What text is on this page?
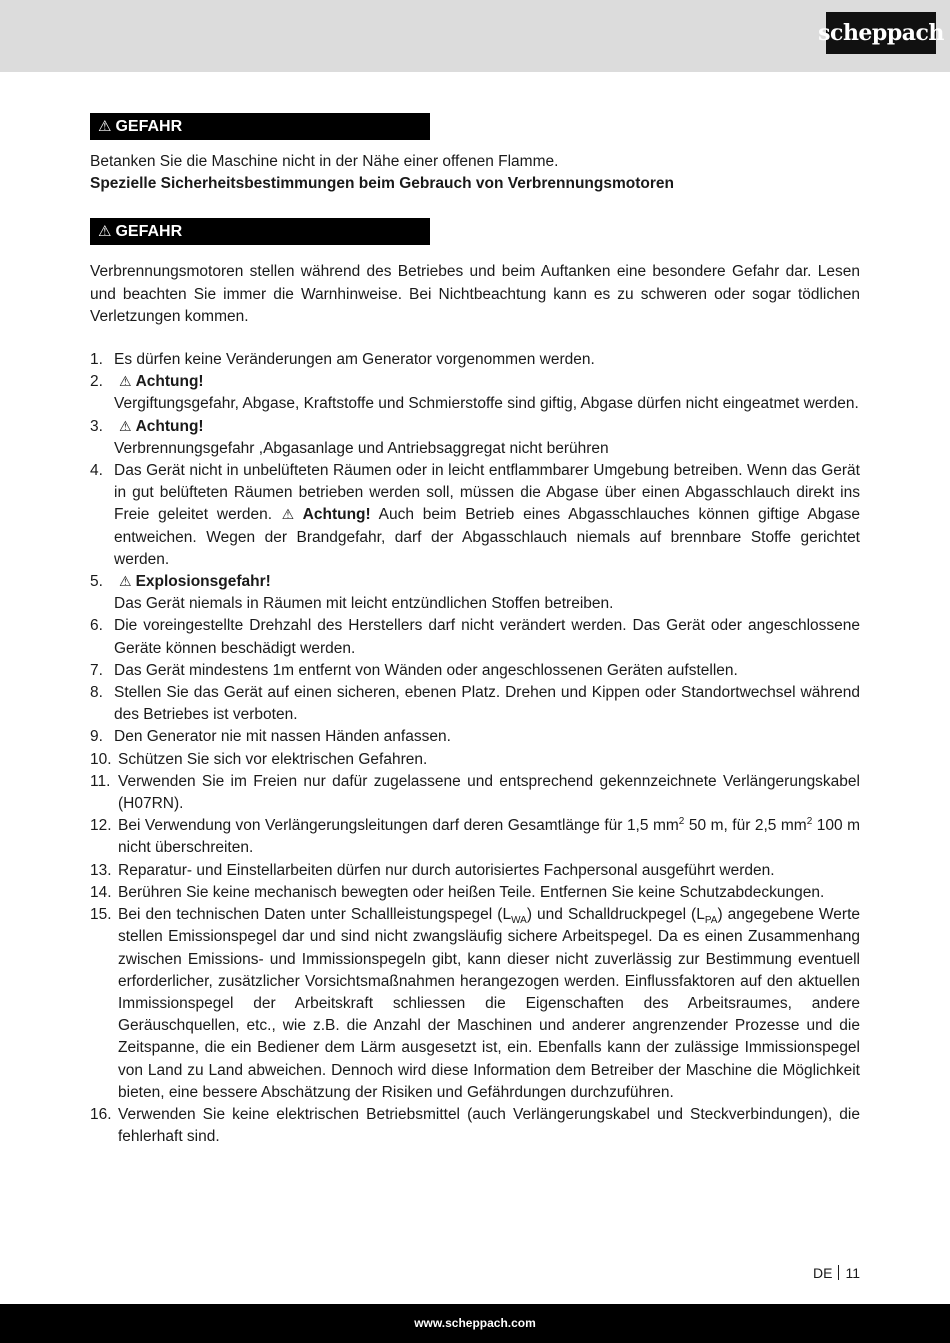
scheppach
⚠ GEFAHR

Betanken Sie die Maschine nicht in der Nähe einer offenen Flamme.

Spezielle Sicherheitsbestimmungen beim Gebrauch von Verbrennungsmotoren

⚠ GEFAHR

Verbrennungsmotoren stellen während des Betriebes und beim Auftanken eine besondere Gefahr dar. Lesen und beachten Sie immer die Warnhinweise. Bei Nichtbeachtung kann es zu schweren oder sogar tödlichen Verletzungen kommen.

1. Es dürfen keine Veränderungen am Generator vorgenommen werden.
2. ⚠ Achtung!
Vergiftungsgefahr, Abgase, Kraftstoffe und Schmierstoffe sind giftig, Abgase dürfen nicht eingeatmet werden.
3. ⚠ Achtung!
Verbrennungsgefahr ,Abgasanlage und Antriebsaggregat nicht berühren
4. Das Gerät nicht in unbelüfteten Räumen oder in leicht entflammbarer Umgebung betreiben. Wenn das Gerät in gut belüfteten Räumen betrieben werden soll, müssen die Abgase über einen Abgasschlauch direkt ins Freie geleitet werden. ⚠ Achtung! Auch beim Betrieb eines Abgasschlauches können giftige Abgase entweichen. Wegen der Brandgefahr, darf der Abgasschlauch niemals auf brennbare Stoffe gerichtet werden.
5. ⚠ Explosionsgefahr!
Das Gerät niemals in Räumen mit leicht entzündlichen Stoffen betreiben.
6. Die voreingestellte Drehzahl des Herstellers darf nicht verändert werden. Das Gerät oder angeschlossene Geräte können beschädigt werden.
7. Das Gerät mindestens 1m entfernt von Wänden oder angeschlossenen Geräten aufstellen.
8. Stellen Sie das Gerät auf einen sicheren, ebenen Platz. Drehen und Kippen oder Standortwechsel während des Betriebes ist verboten.
9. Den Generator nie mit nassen Händen anfassen.
10. Schützen Sie sich vor elektrischen Gefahren.
11. Verwenden Sie im Freien nur dafür zugelassene und entsprechend gekennzeichnete Verlängerungskabel (H07RN).
12. Bei Verwendung von Verlängerungsleitungen darf deren Gesamtlänge für 1,5 $mm^2$ 50 m, für 2,5 $mm^2$ 100 m nicht überschreiten.
13. Reparatur- und Einstellarbeiten dürfen nur durch autorisiertes Fachpersonal ausgeführt werden.
14. Berühren Sie keine mechanisch bewegten oder heißen Teile. Entfernen Sie keine Schutzabdeckungen.
15. Bei den technischen Daten unter Schallleistungspegel $(L_{WA})$ und Schalldruckpegel $(L_{PA})$ angegebene Werte stellen Emissionspegel dar und sind nicht zwangsläufig sichere Arbeitspegel. Da es einen Zusammenhang zwischen Emissions- und Immissionspegeln gibt, kann dieser nicht zuverlässig zur Bestimmung eventuell erforderlicher, zusätzlicher Vorsichtsmaßnahmen herangezogen werden. Einflussfaktoren auf den aktuellen Immissionspegel der Arbeitskraft schliessen die Eigenschaften des Arbeitsraumes, andere Geräuschquellen, etc., wie z.B. die Anzahl der Maschinen und anderer angrenzender Prozesse und die Zeitspanne, die ein Bediener dem Lärm ausgesetzt ist, ein. Ebenfalls kann der zulässige Immissionspegel von Land zu Land abweichen. Dennoch wird diese Information dem Betreiber der Maschine die Möglichkeit bieten, eine bessere Abschätzung der Risiken und Gefährdungen durchzuführen.
16. Verwenden Sie keine elektrischen Betriebsmittel (auch Verlängerungskabel und Steckverbindungen), die fehlerhaft sind.
DE 11
www.scheppach.com
